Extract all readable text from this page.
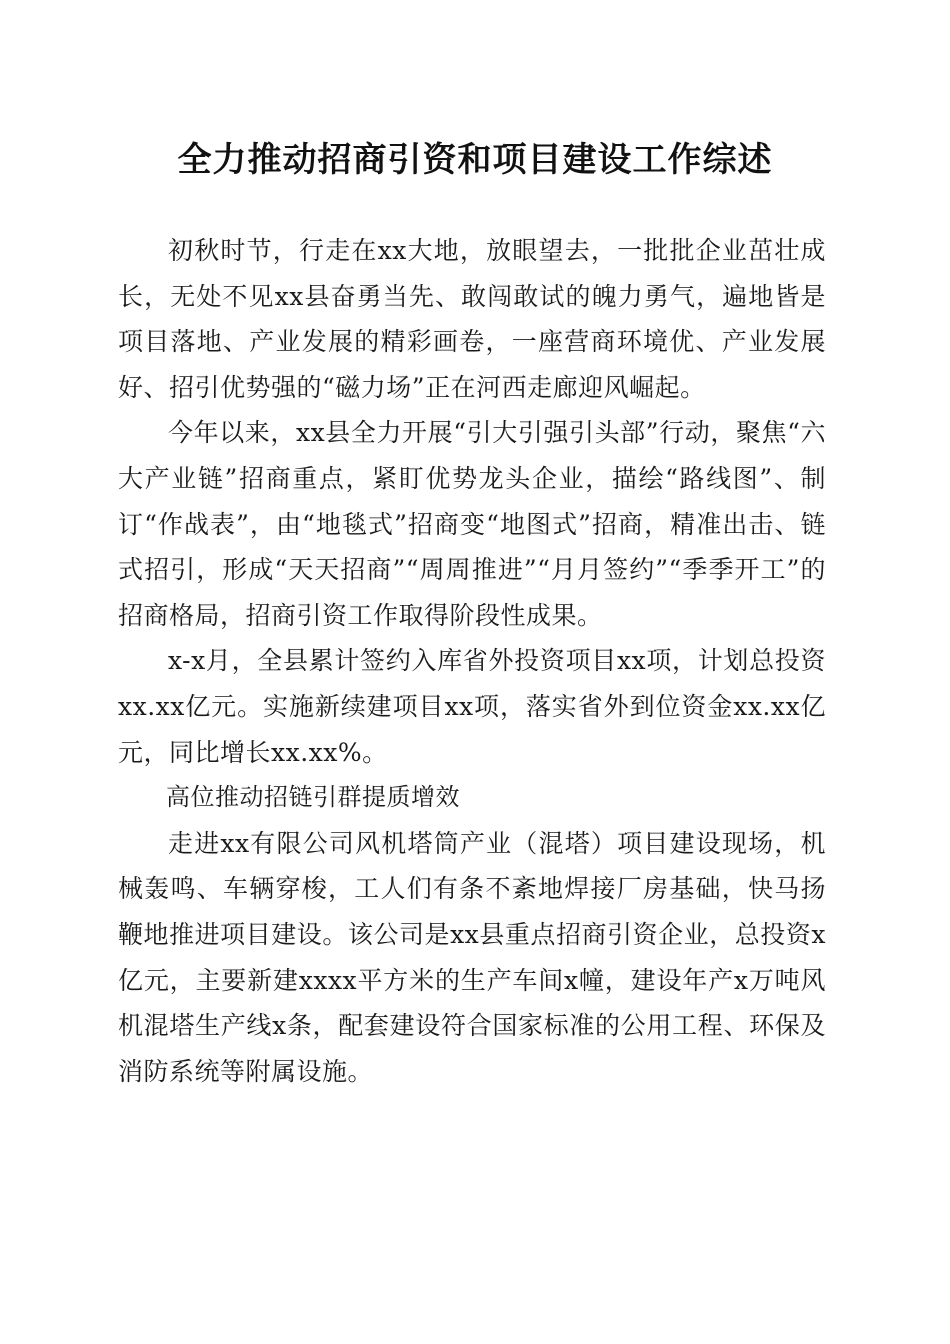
全力推动招商引资和项目建设工作综述

初秋时节，行走在xx大地，放眼望去，一批批企业茁壮成长，无处不见xx县奋勇当先、敢闯敢试的魄力勇气，遍地皆是项目落地、产业发展的精彩画卷，一座营商环境优、产业发展好、招引优势强的“磁力场”正在河西走廊迎风崛起。

今年以来，xx县全力开展“引大引强引头部”行动，聚焦“六大产业链”招商重点，紧盯优势龙头企业，描绘“路线图”、制订“作战表”，由“地毯式”招商变“地图式”招商，精准出击、链式招引，形成“天天招商”“周周推进”“月月签约”“季季开工”的招商格局，招商引资工作取得阶段性成果。

x-x月，全县累计签约入库省外投资项目xx项，计划总投资xx.xx亿元。实施新续建项目xx项，落实省外到位资金xx.xx亿元，同比增长xx.xx%。

高位推动招链引群提质增效

走进xx有限公司风机塔筒产业（混塔）项目建设现场，机械轰鸣、车辆穿梭，工人们有条不紊地焊接厂房基础，快马扬鞭地推进项目建设。该公司是xx县重点招商引资企业，总投资x亿元，主要新建xxxx平方米的生产车间x幢，建设年产x万吨风机混塔生产线x条，配套建设符合国家标准的公用工程、环保及消防系统等附属设施。
